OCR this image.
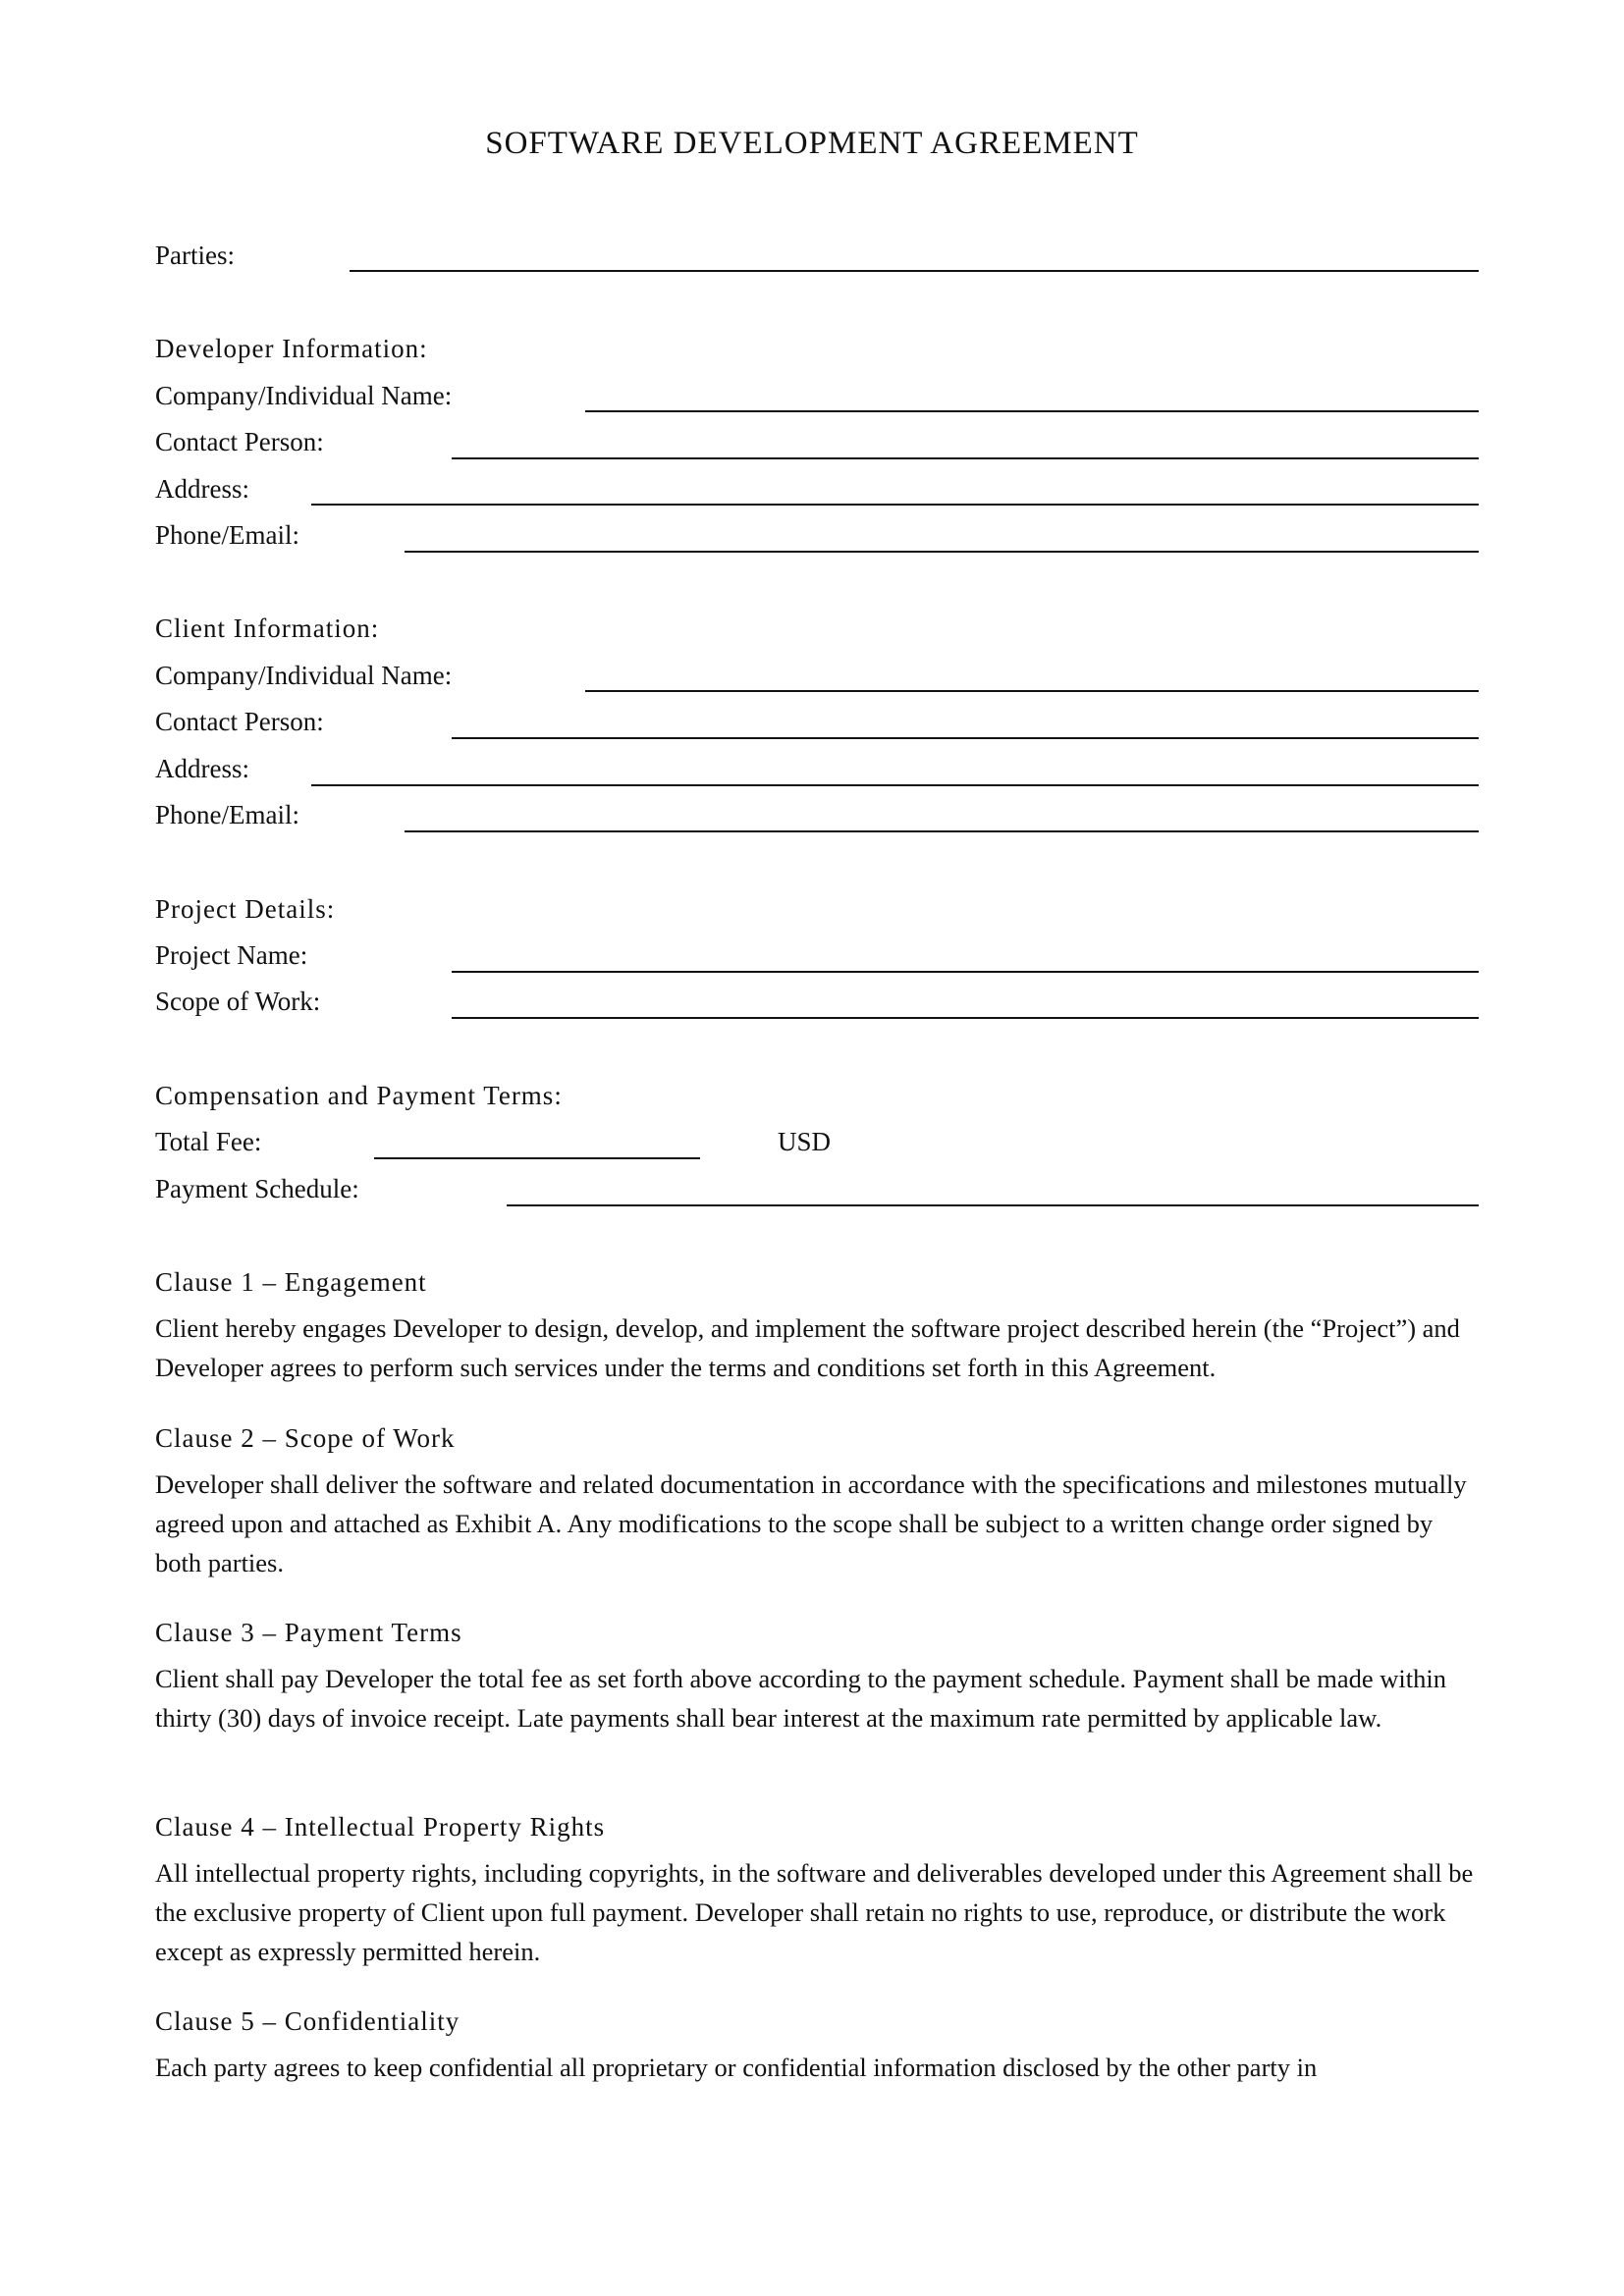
SOFTWARE DEVELOPMENT AGREEMENT
Parties:
Developer Information:
Company/Individual Name:
Contact Person:
Address:
Phone/Email:
Client Information:
Company/Individual Name:
Contact Person:
Address:
Phone/Email:
Project Details:
Project Name:
Scope of Work:
Compensation and Payment Terms:
Total Fee:	USD
Payment Schedule:
Clause 1 – Engagement
Client hereby engages Developer to design, develop, and implement the software project described herein (the “Project”) and Developer agrees to perform such services under the terms and conditions set forth in this Agreement.
Clause 2 – Scope of Work
Developer shall deliver the software and related documentation in accordance with the specifications and milestones mutually agreed upon and attached as Exhibit A. Any modifications to the scope shall be subject to a written change order signed by both parties.
Clause 3 – Payment Terms
Client shall pay Developer the total fee as set forth above according to the payment schedule. Payment shall be made within thirty (30) days of invoice receipt. Late payments shall bear interest at the maximum rate permitted by applicable law.
Clause 4 – Intellectual Property Rights
All intellectual property rights, including copyrights, in the software and deliverables developed under this Agreement shall be the exclusive property of Client upon full payment. Developer shall retain no rights to use, reproduce, or distribute the work except as expressly permitted herein.
Clause 5 – Confidentiality
Each party agrees to keep confidential all proprietary or confidential information disclosed by the other party in
